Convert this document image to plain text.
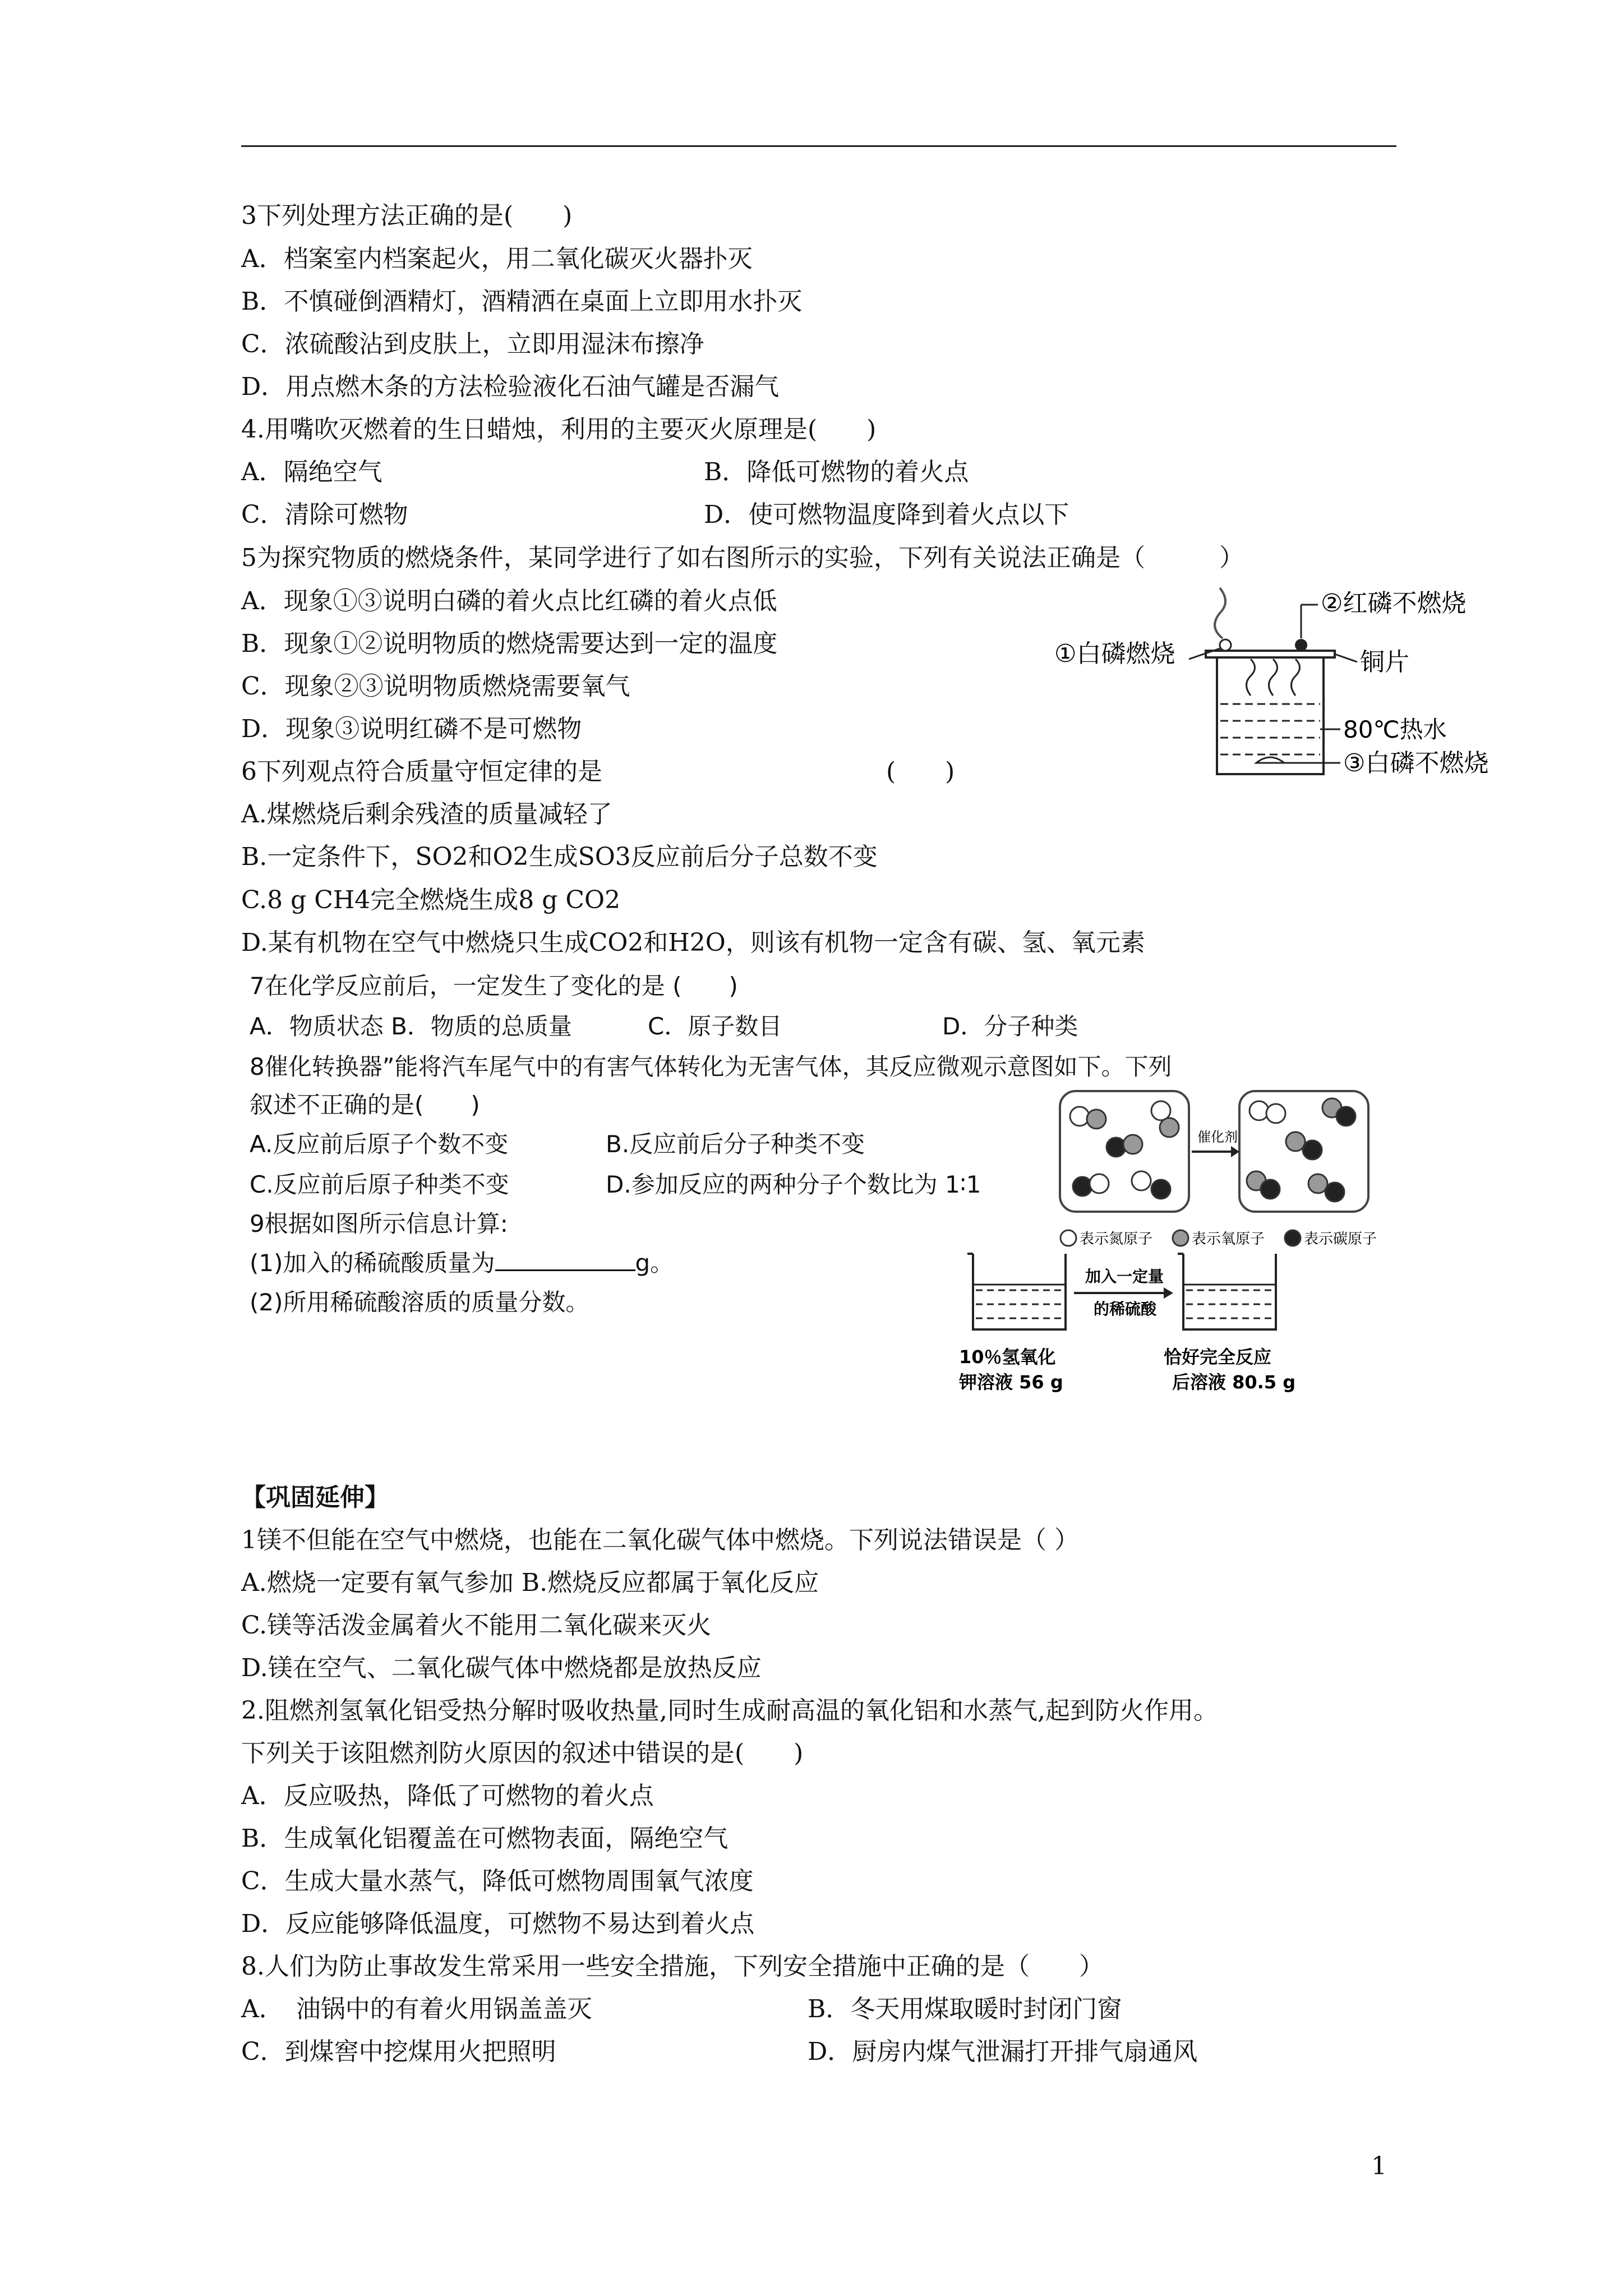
3下列处理方法正确的是(　　)
A．档案室内档案起火，用二氧化碳灭火器扑灭
B．不慎碰倒酒精灯，酒精洒在桌面上立即用水扑灭
C．浓硫酸沾到皮肤上，立即用湿沫布擦净
D．用点燃木条的方法检验液化石油气罐是否漏气
4.用嘴吹灭燃着的生日蜡烛，利用的主要灭火原理是(　　)
A．隔绝空气	B．降低可燃物的着火点
C．清除可燃物	D．使可燃物温度降到着火点以下
5为探究物质的燃烧条件，某同学进行了如右图所示的实验，下列有关说法正确是（　　　）
A．现象①③说明白磷的着火点比红磷的着火点低
B．现象①②说明物质的燃烧需要达到一定的温度
C．现象②③说明物质燃烧需要氧气
D．现象③说明红磷不是可燃物
②红磷不燃烧
①白磷燃烧	铜片
80℃热水
③白磷不燃烧
6下列观点符合质量守恒定律的是	(　　)
A.煤燃烧后剩余残渣的质量减轻了
B.一定条件下，SO2和O2生成SO3反应前后分子总数不变
C.8 g CH4完全燃烧生成8 g CO2
D.某有机物在空气中燃烧只生成CO2和H2O，则该有机物一定含有碳、氢、氧元素
7在化学反应前后，一定发生了变化的是 (　　)
A．物质状态 B．物质的总质量	C．原子数目	D．分子种类
8催化转换器”能将汽车尾气中的有害气体转化为无害气体，其反应微观示意图如下。下列
叙述不正确的是(　　)
A.反应前后原子个数不变	B.反应前后分子种类不变
C.反应前后原子种类不变	D.参加反应的两种分子个数比为 1∶1
催化剂
表示氮原子	表示氧原子	表示碳原子
9根据如图所示信息计算:
(1)加入的稀硫酸质量为	g。
(2)所用稀硫酸溶质的质量分数。
加入一定量
的稀硫酸
10％氢氧化
钾溶液 56 g
恰好完全反应
后溶液 80.5 g
【巩固延伸】
1镁不但能在空气中燃烧，也能在二氧化碳气体中燃烧。下列说法错误是（ ）
A.燃烧一定要有氧气参加 B.燃烧反应都属于氧化反应
C.镁等活泼金属着火不能用二氧化碳来灭火
D.镁在空气、二氧化碳气体中燃烧都是放热反应
2.阻燃剂氢氧化铝受热分解时吸收热量,同时生成耐高温的氧化铝和水蒸气,起到防火作用。
下列关于该阻燃剂防火原因的叙述中错误的是(　　)
A．反应吸热，降低了可燃物的着火点
B．生成氧化铝覆盖在可燃物表面，隔绝空气
C．生成大量水蒸气，降低可燃物周围氧气浓度
D．反应能够降低温度，可燃物不易达到着火点
8.人们为防止事故发生常采用一些安全措施，下列安全措施中正确的是（　　）
A．　油锅中的有着火用锅盖盖灭	B．冬天用煤取暖时封闭门窗
C．到煤窖中挖煤用火把照明	D．厨房内煤气泄漏打开排气扇通风
1
